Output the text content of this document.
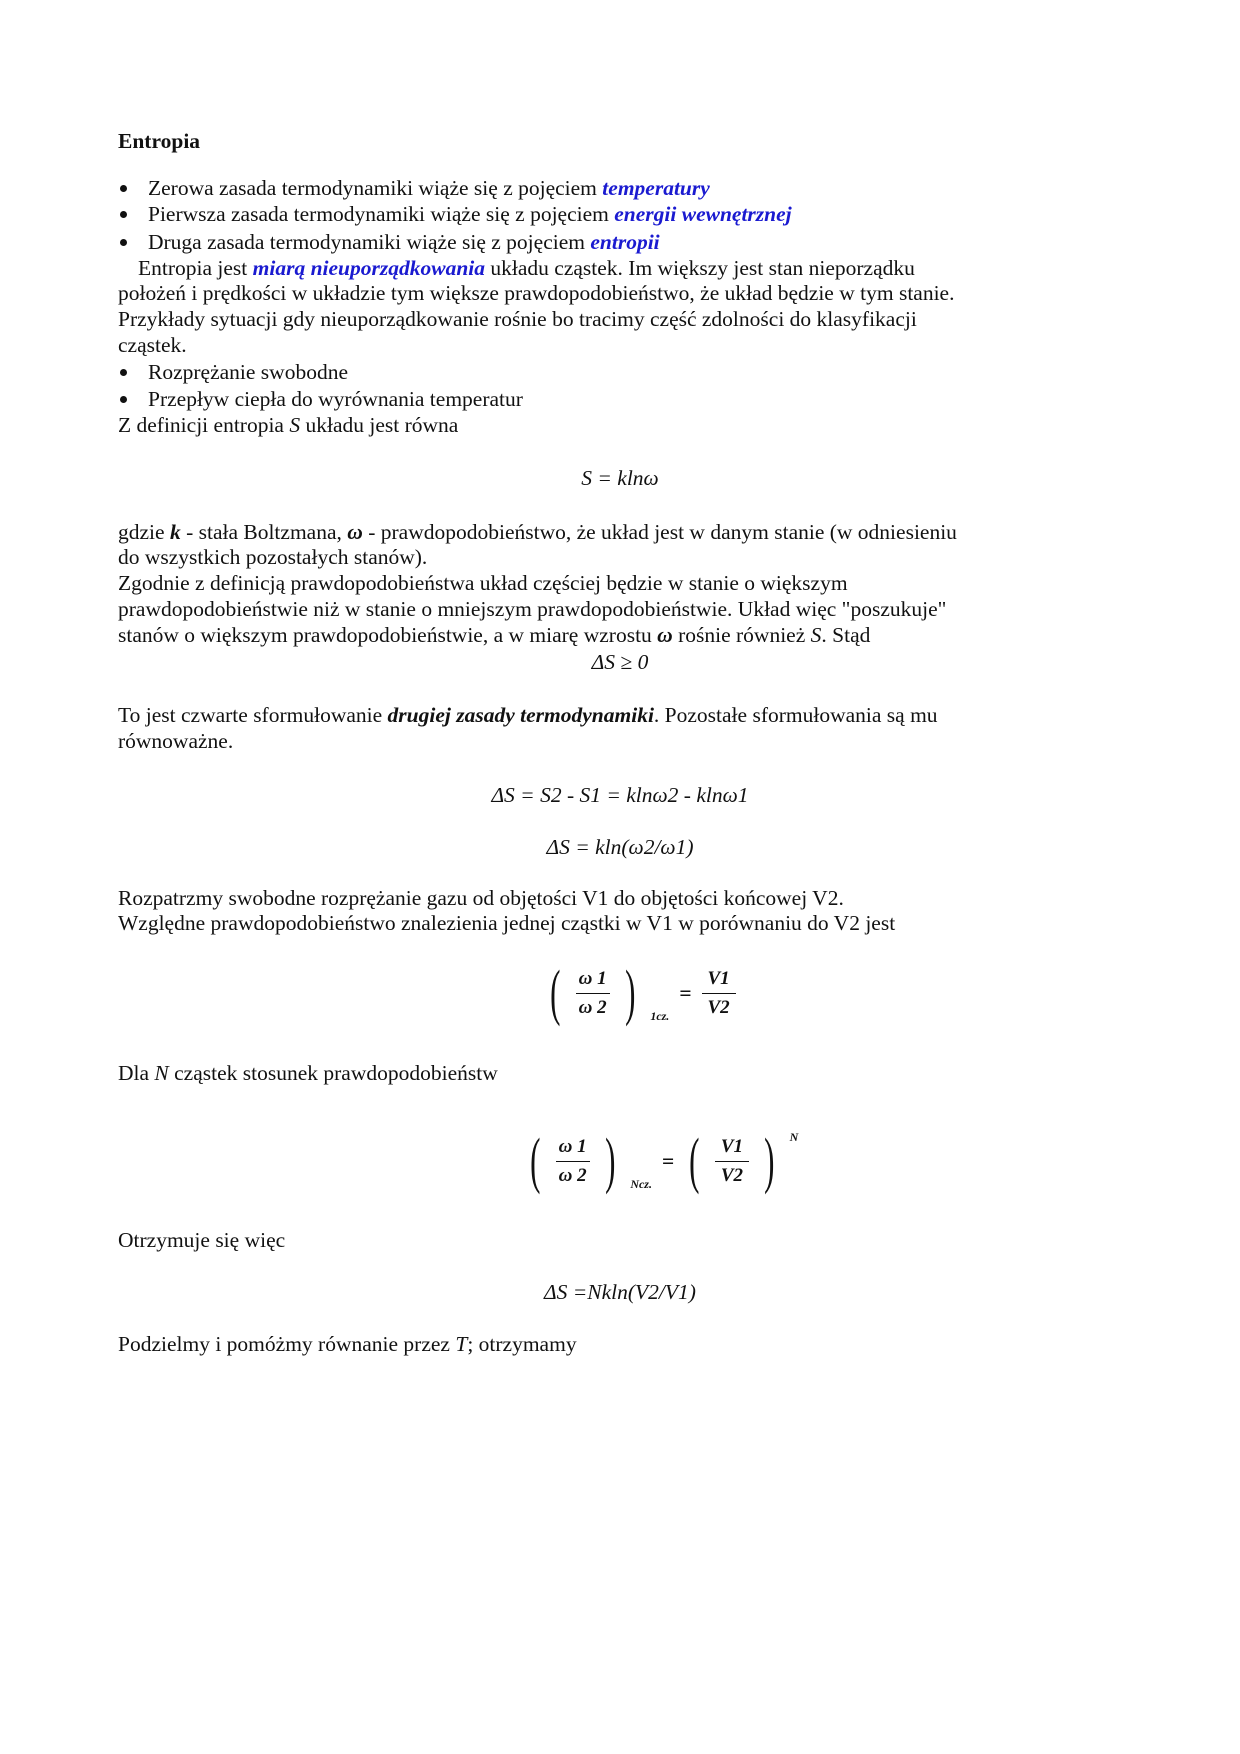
Entropia
Zerowa zasada termodynamiki wiąże się z pojęciem temperatury
Pierwsza zasada termodynamiki wiąże się z pojęciem energii wewnętrznej
Druga zasada termodynamiki wiąże się z pojęciem entropii
Entropia jest miarą nieuporządkowania układu cząstek. Im większy jest stan nieporządku
położeń i prędkości w układzie tym większe prawdopodobieństwo, że układ będzie w tym stanie.
Przykłady sytuacji gdy nieuporządkowanie rośnie bo tracimy część zdolności do klasyfikacji
cząstek.
Rozprężanie swobodne
Przepływ ciepła do wyrównania temperatur
Z definicji entropia S układu jest równa
S = klnω
gdzie k - stała Boltzmana, ω - prawdopodobieństwo, że układ jest w danym stanie (w odniesieniu
do wszystkich pozostałych stanów).
Zgodnie z definicją prawdopodobieństwa układ częściej będzie w stanie o większym
prawdopodobieństwie niż w stanie o mniejszym prawdopodobieństwie. Układ więc "poszukuje"
stanów o większym prawdopodobieństwie, a w miarę wzrostu ω rośnie również S. Stąd
ΔS ≥ 0
To jest czwarte sformułowanie drugiej zasady termodynamiki. Pozostałe sformułowania są mu
równoważne.
ΔS = S2 - S1 = klnω2 - klnω1
ΔS = kln(ω2/ω1)
Rozpatrzmy swobodne rozprężanie gazu od objętości V1 do objętości końcowej V2.
Względne prawdopodobieństwo znalezienia jednej cząstki w V1 w porównaniu do V2 jest
( ω 1
ω 2 ) 1cz.
=
V1
V2
Dla N cząstek stosunek prawdopodobieństw
( ω 1
ω 2 ) Ncz.
= ( V1
V2 ) N
Otrzymuje się więc
ΔS =Nkln(V2/V1)
Podzielmy i pomóżmy równanie przez T; otrzymamy
